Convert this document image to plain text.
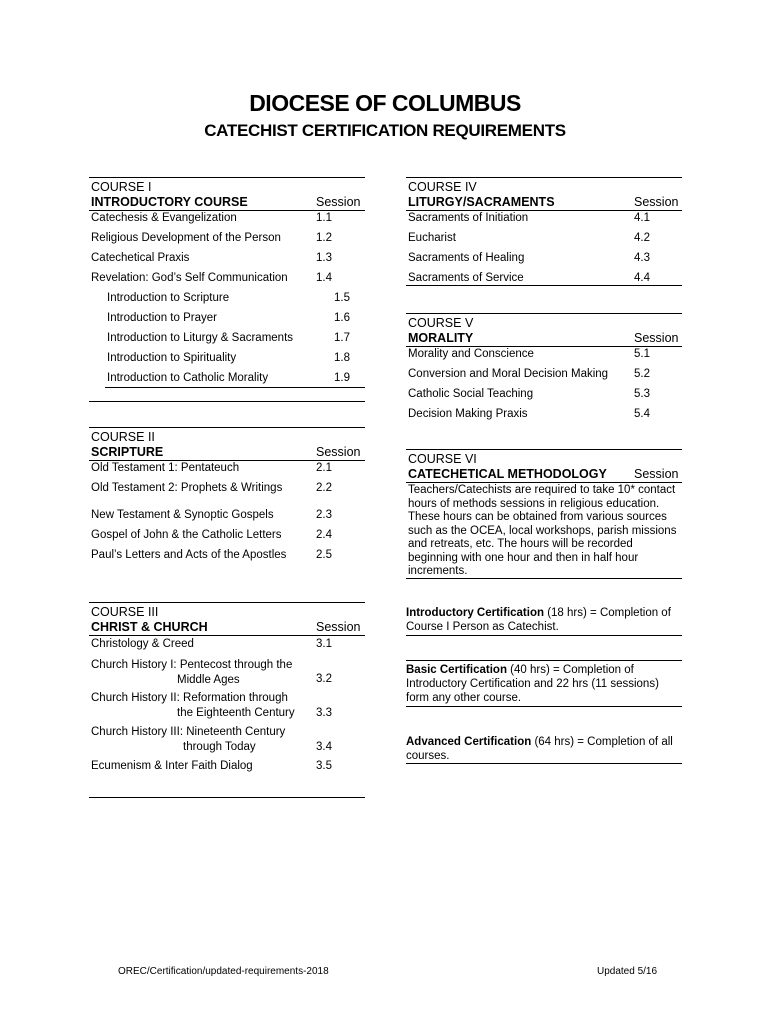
DIOCESE OF COLUMBUS
CATECHIST CERTIFICATION REQUIREMENTS
COURSE I
INTRODUCTORY COURSE	Session
Catechesis & Evangelization	1.1
Religious Development of the Person	1.2
Catechetical Praxis	1.3
Revelation: God’s Self Communication 1.4
Introduction to Scripture	1.5
Introduction to Prayer	1.6
Introduction to Liturgy & Sacraments	1.7
Introduction to Spirituality	1.8
Introduction to Catholic Morality	1.9
COURSE II
SCRIPTURE	Session
Old Testament 1: Pentateuch	2.1
Old Testament 2: Prophets & Writings	2.2
New Testament & Synoptic Gospels	2.3
Gospel of John & the Catholic Letters	2.4
Paul’s Letters and Acts of the Apostles	2.5
COURSE III
CHRIST & CHURCH	Session
Christology & Creed	3.1
Church History I: Pentecost through the
Middle Ages	3.2
Church History II: Reformation through
the Eighteenth Century 3.3
Church History III: Nineteenth Century
through Today	3.4
Ecumenism & Inter Faith Dialog	3.5
COURSE IV
LITURGY/SACRAMENTS	Session
Sacraments of Initiation	4.1
Eucharist	4.2
Sacraments of Healing	4.3
Sacraments of Service	4.4
COURSE V
MORALITY	Session
Morality and Conscience	5.1
Conversion and Moral Decision Making 5.2
Catholic Social Teaching	5.3
Decision Making Praxis	5.4
COURSE VI
CATECHETICAL METHODOLOGY Session
Teachers/Catechists are required to take 10* contact hours of methods sessions in religious education. These hours can be obtained from various sources such as the OCEA, local workshops, parish missions and retreats, etc. The hours will be recorded beginning with one hour and then in half hour increments.
Introductory Certification (18 hrs) = Completion of Course I Person as Catechist.
Basic Certification (40 hrs) = Completion of Introductory Certification and 22 hrs (11 sessions) form any other course.
Advanced Certification (64 hrs) = Completion of all courses.
OREC/Certification/updated-requirements-2018	Updated 5/16
